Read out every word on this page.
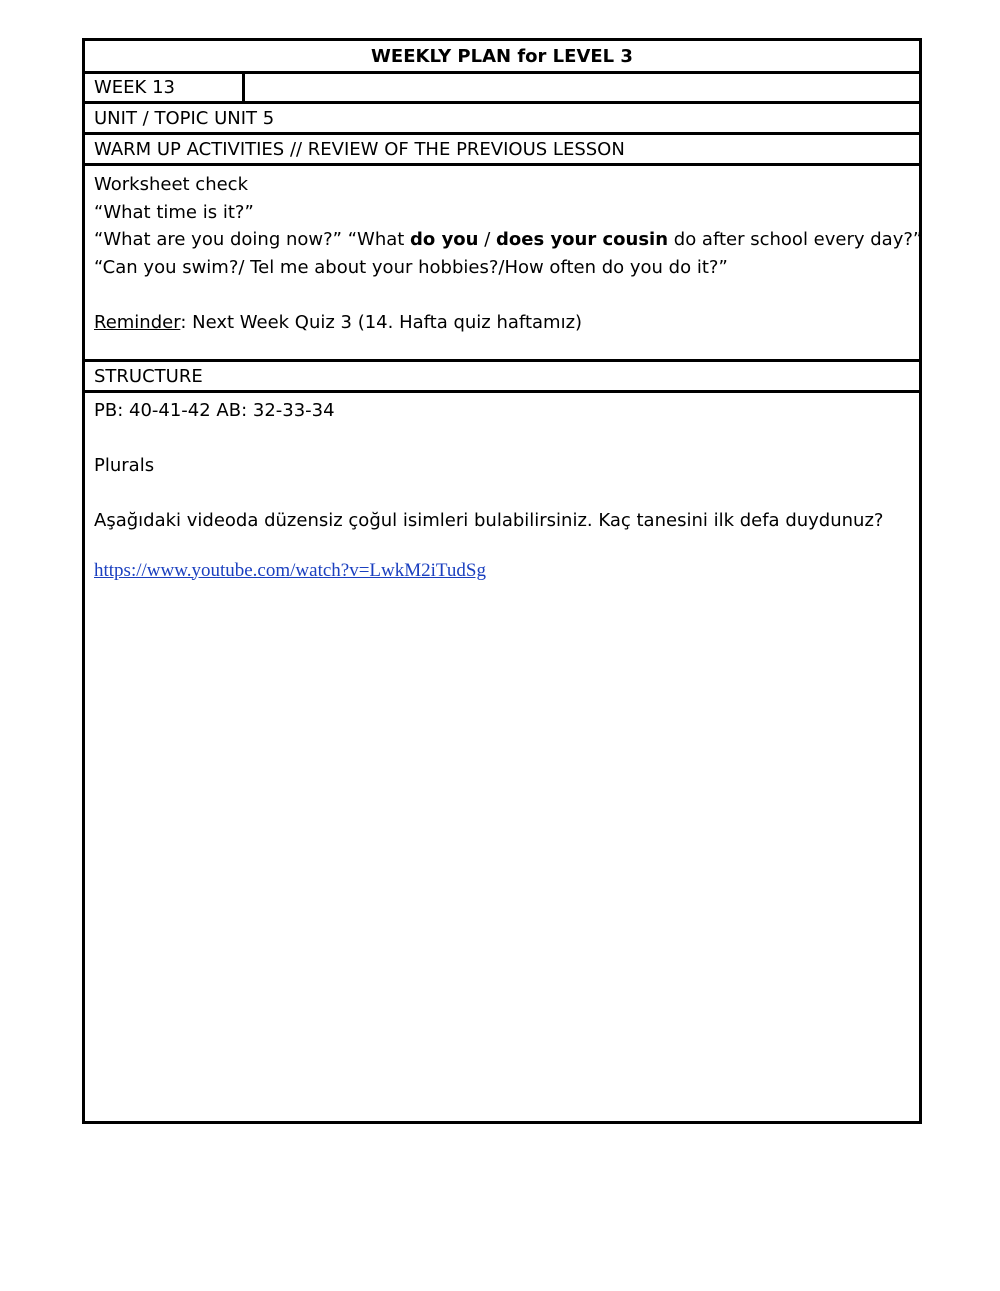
WEEKLY PLAN for LEVEL 3
WEEK 13
UNIT / TOPIC UNIT 5
WARM UP ACTIVITIES // REVIEW OF THE PREVIOUS LESSON
Worksheet check
“What time is it?”
“What are you doing now?” “What do you / does your cousin do after school every day?”
“Can you swim?/ Tel me about your hobbies?/How often do you do it?”
Reminder: Next Week Quiz 3 (14. Hafta quiz haftamız)
STRUCTURE
PB: 40-41-42 AB: 32-33-34
Plurals
Aşağıdaki videoda düzensiz çoğul isimleri bulabilirsiniz. Kaç tanesini ilk defa duydunuz?
https://www.youtube.com/watch?v=LwkM2iTudSg
